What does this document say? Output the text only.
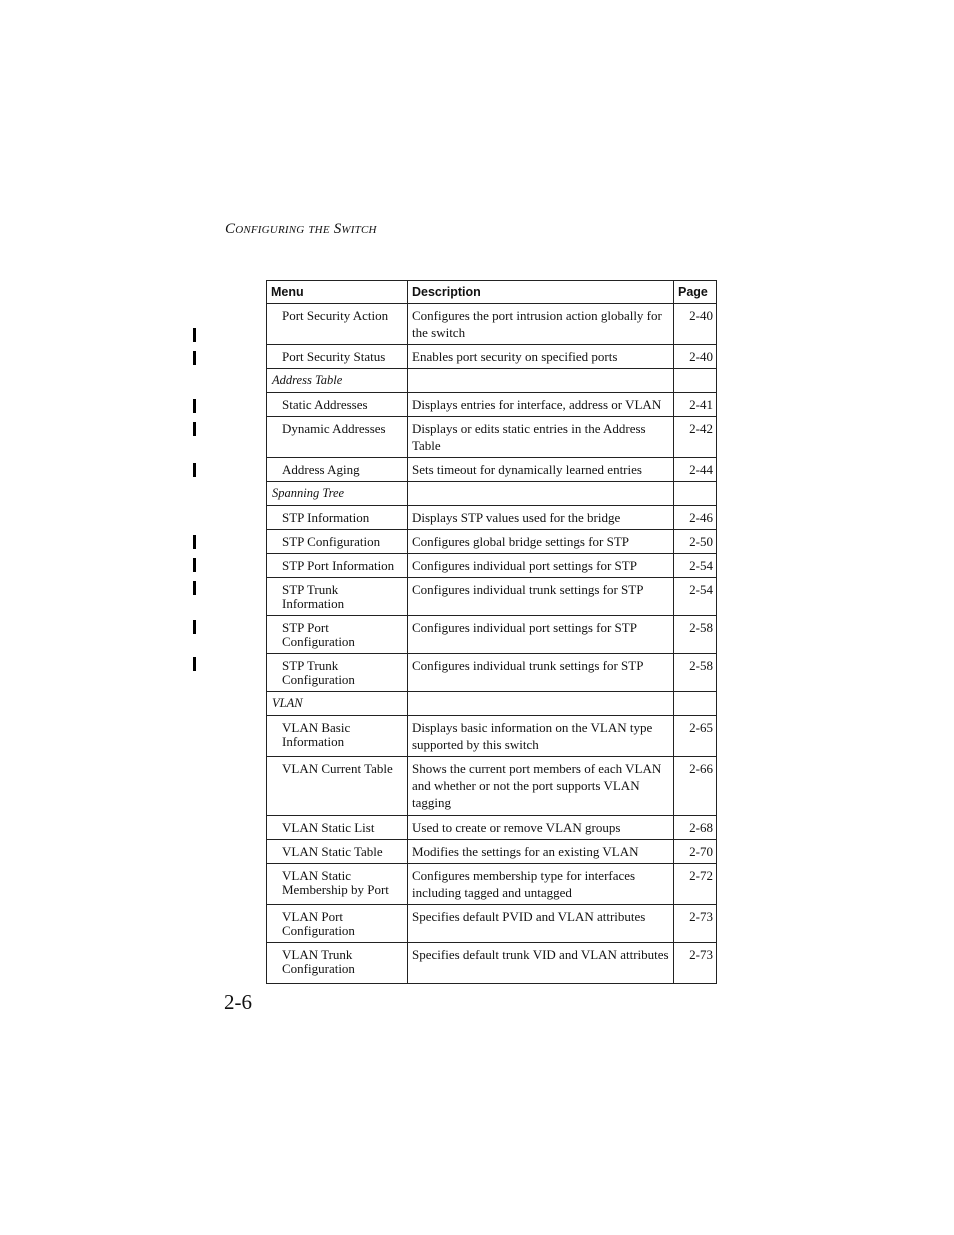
Configuring the Switch
Menu	Description	Page

Port Security Action	Configures the port intrusion action globally for the switch	2-40

Port Security Status	Enables port security on specified ports	2-40

Address Table		

Static Addresses	Displays entries for interface, address or VLAN	2-41

Dynamic Addresses	Displays or edits static entries in the Address Table	2-42

Address Aging	Sets timeout for dynamically learned entries	2-44

Spanning Tree		

STP Information	Displays STP values used for the bridge	2-46

STP Configuration	Configures global bridge settings for STP	2-50

STP Port Information	Configures individual port settings for STP	2-54

STP Trunk Information	Configures individual trunk settings for STP	2-54

STP Port Configuration	Configures individual port settings for STP	2-58

STP Trunk Configuration	Configures individual trunk settings for STP	2-58

VLAN		

VLAN Basic Information	Displays basic information on the VLAN type supported by this switch	2-65

VLAN Current Table	Shows the current port members of each VLAN and whether or not the port supports VLAN tagging	2-66

VLAN Static List	Used to create or remove VLAN groups	2-68

VLAN Static Table	Modifies the settings for an existing VLAN	2-70

VLAN Static Membership by Port	Configures membership type for interfaces including tagged and untagged	2-72

VLAN Port Configuration	Specifies default PVID and VLAN attributes	2-73

VLAN Trunk Configuration	Specifies default trunk VID and VLAN attributes	2-73
2-6
